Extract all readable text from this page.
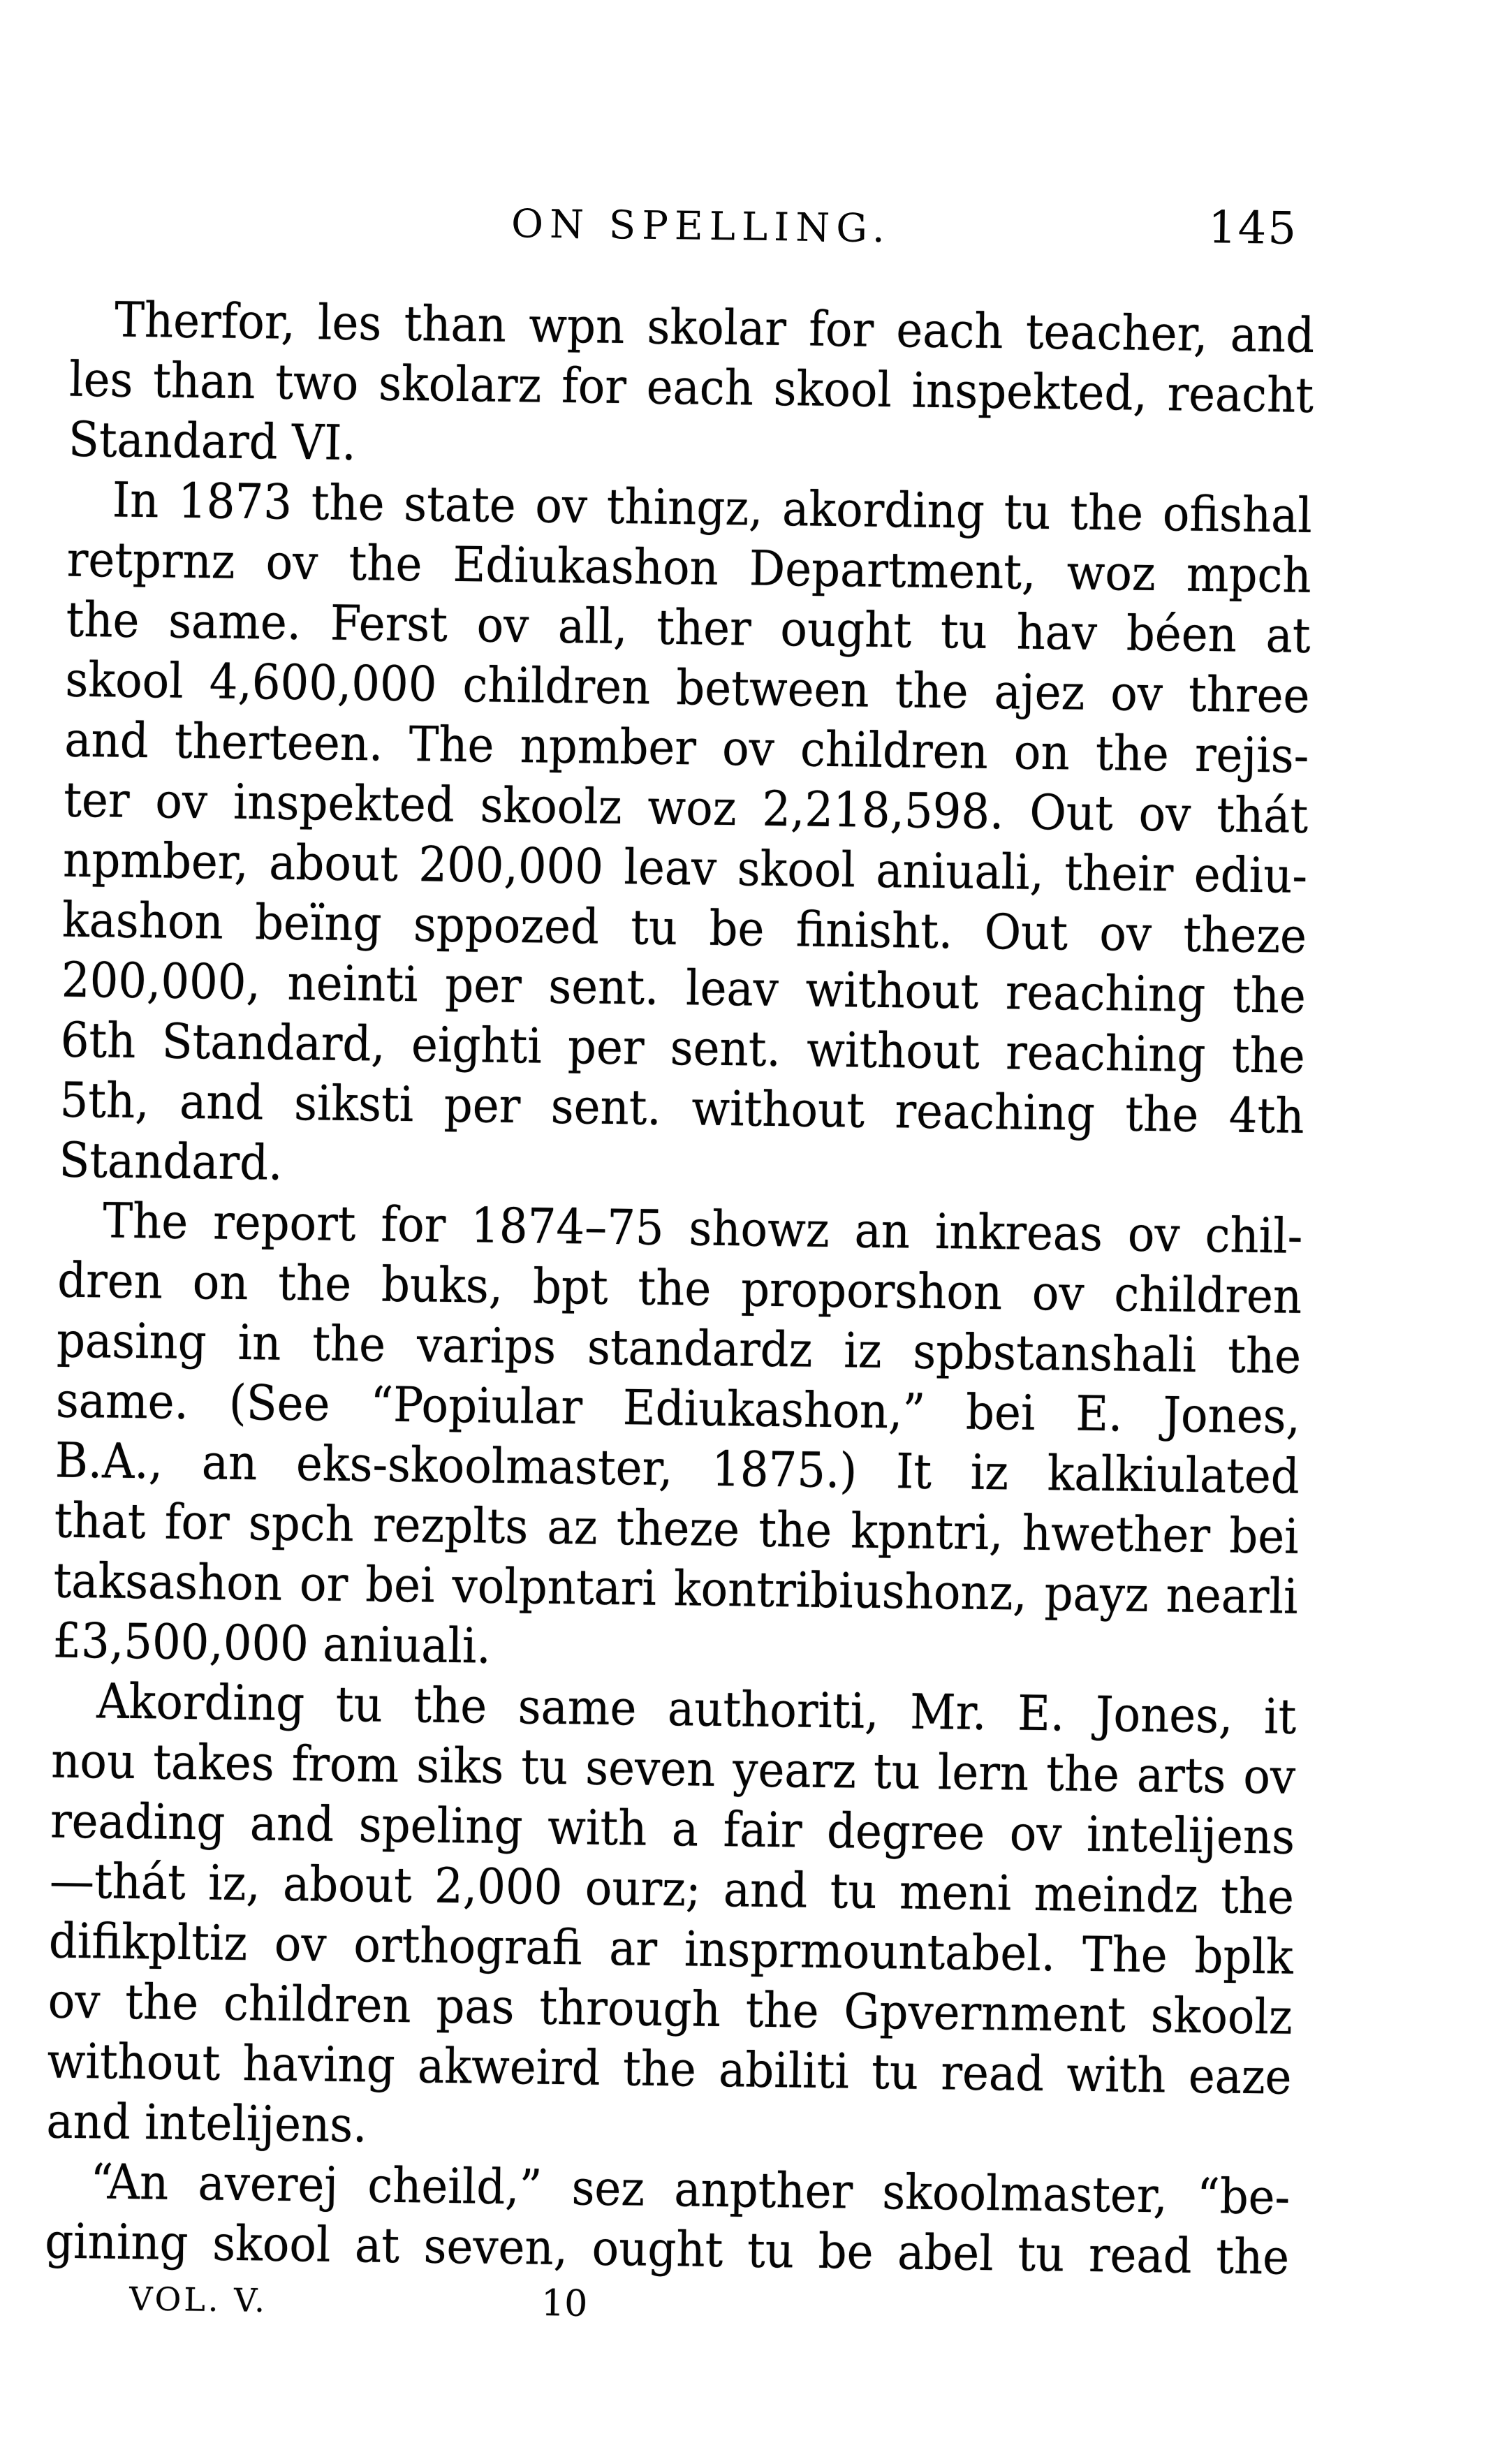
ON SPELLING.	145
Therfor, les than wpn skolar for each teacher, and
les than two skolarz for each skool inspekted, reacht
Standard VI.
In 1873 the state ov thingz, akording tu the ofishal
retprnz ov the Ediukashon Department, woz mpch
the same. Ferst ov all, ther ought tu hav béen at
skool 4,600,000 children between the ajez ov three
and therteen. The npmber ov children on the rejis-
ter ov inspekted skoolz woz 2,218,598. Out ov thát
npmber, about 200,000 leav skool aniuali, their ediu-
kashon beïng sppozed tu be finisht. Out ov theze
200,000, neinti per sent. leav without reaching the
6th Standard, eighti per sent. without reaching the
5th, and siksti per sent. without reaching the 4th
Standard.
The report for 1874–75 showz an inkreas ov chil-
dren on the buks, bpt the proporshon ov children
pasing in the varips standardz iz spbstanshali the
same. (See “Popiular Ediukashon,” bei E. Jones,
B.A., an eks-skoolmaster, 1875.) It iz kalkiulated
that for spch rezplts az theze the kpntri, hwether bei
taksashon or bei volpntari kontribiushonz, payz nearli
£3,500,000 aniuali.
Akording tu the same authoriti, Mr. E. Jones, it
nou takes from siks tu seven yearz tu lern the arts ov
reading and speling with a fair degree ov intelijens
—thát iz, about 2,000 ourz; and tu meni meindz the
difikpltiz ov orthografi ar insprmountabel. The bplk
ov the children pas through the Gpvernment skoolz
without having akweird the abiliti tu read with eaze
and intelijens.
“An averej cheild,” sez anpther skoolmaster, “be-
gining skool at seven, ought tu be abel tu read the
VOL. V.	10
